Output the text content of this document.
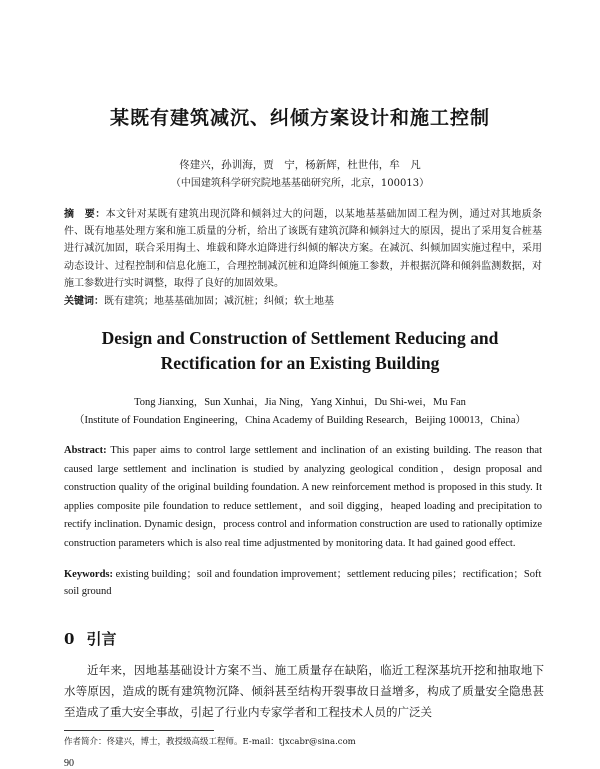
某既有建筑减沉、纠倾方案设计和施工控制
佟建兴，孙训海，贾　宁，杨新辉，杜世伟，牟　凡
（中国建筑科学研究院地基基础研究所，北京，100013）
摘　要：本文针对某既有建筑出现沉降和倾斜过大的问题，以某地基基础加固工程为例，通过对其地质条件、既有地基处理方案和施工质量的分析，给出了该既有建筑沉降和倾斜过大的原因，提出了采用复合桩基进行减沉加固，联合采用掏土、堆载和降水迫降进行纠倾的解决方案。在减沉、纠倾加固实施过程中，采用动态设计、过程控制和信息化施工，合理控制减沉桩和迫降纠倾施工参数，并根据沉降和倾斜监测数据，对施工参数进行实时调整，取得了良好的加固效果。
关键词：既有建筑；地基基础加固；减沉桩；纠倾；软土地基
Design and Construction of Settlement Reducing and
Rectification for an Existing Building
Tong Jianxing，Sun Xunhai，Jia Ning，Yang Xinhui，Du Shi-wei，Mu Fan
（Institute of Foundation Engineering，China Academy of Building Research，Beijing 100013，China）
Abstract: This paper aims to control large settlement and inclination of an existing building. The reason that caused large settlement and inclination is studied by analyzing geological condition，design proposal and construction quality of the original building foundation. A new reinforcement method is proposed in this study. It applies composite pile foundation to reduce settlement，and soil digging，heaped loading and precipitation to rectify inclination. Dynamic design，process control and information construction are used to rationally optimize construction parameters which is also real time adjustmented by monitoring data. It had gained good effect.
Keywords: existing building；soil and foundation improvement；settlement reducing piles；rectification；Soft soil ground
0 引言
近年来，因地基基础设计方案不当、施工质量存在缺陷，临近工程深基坑开挖和抽取地下水等原因，造成的既有建筑物沉降、倾斜甚至结构开裂事故日益增多，构成了质量安全隐患甚至造成了重大安全事故，引起了行业内专家学者和工程技术人员的广泛关
作者简介：佟建兴，博士，教授级高级工程师。E-mail：tjxcabr@sina.com
90
